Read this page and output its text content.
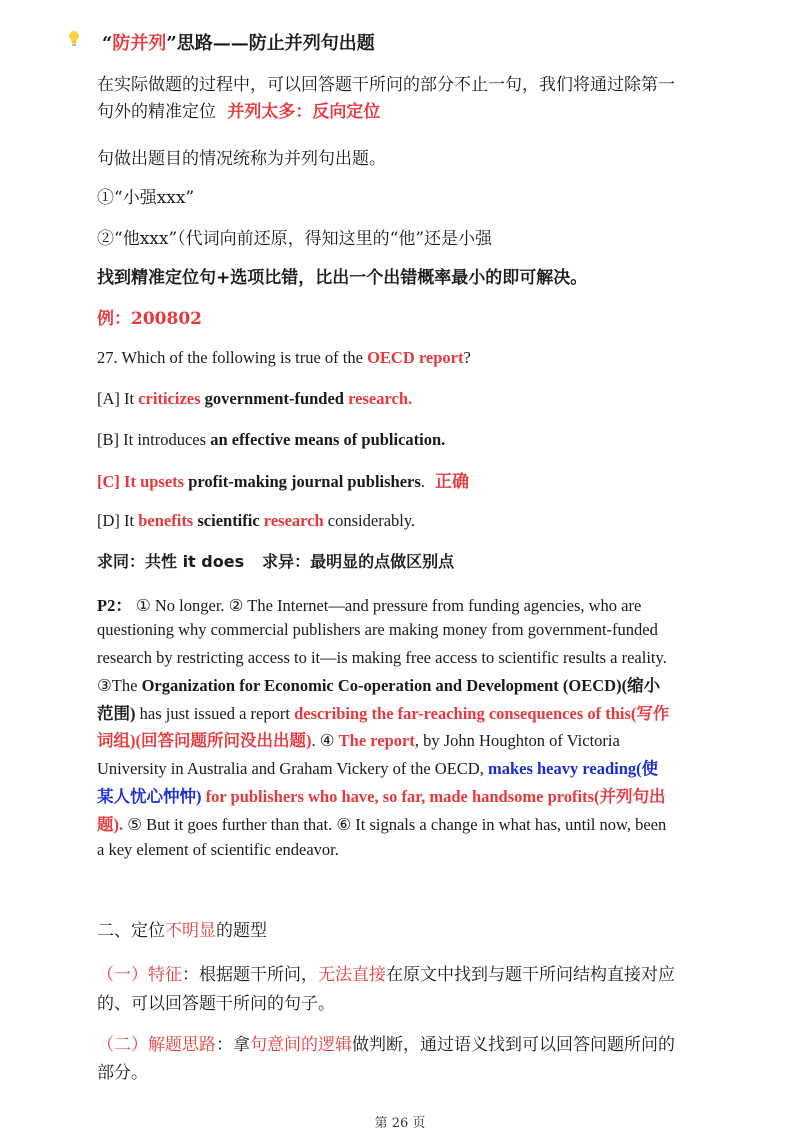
“防并列”思路——防止并列句出题
在实际做题的过程中，可以回答题干所问的部分不止一句，我们将通过除第一
句外的精准定位 并列太多：反向定位
句做出题目的情况统称为并列句出题。
①“小强xxx”
②“他xxx”（代词向前还原，得知这里的“他”还是小强
找到精准定位句+选项比错，比出一个出错概率最小的即可解决。
例：200802
27. Which of the following is true of the OECD report?
[A] It criticizes government-funded research.
[B] It introduces an effective means of publication.
[C] It upsets profit-making journal publishers. 正确
[D] It benefits scientific research considerably.
求同：共性 it does 求异：最明显的点做区别点
P2： ① No longer. ② The Internet—and pressure from funding agencies, who are
questioning why commercial publishers are making money from government-funded
research by restricting access to it—is making free access to scientific results a reality.
③The Organization for Economic Co-operation and Development (OECD)(缩小
范围) has just issued a report describing the far-reaching consequences of this(写作
词组)(回答问题所问没出出题). ④ The report, by John Houghton of Victoria
University in Australia and Graham Vickery of the OECD, makes heavy reading(使
某人忧心忡忡) for publishers who have, so far, made handsome profits(并列句出
题). ⑤ But it goes further than that. ⑥ It signals a change in what has, until now, been
a key element of scientific endeavor.
二、定位不明显的题型
（一）特征：根据题干所问，无法直接在原文中找到与题干所问结构直接对应
的、可以回答题干所问的句子。
（二）解题思路：拿句意间的逻辑做判断，通过语义找到可以回答问题所问的
部分。
第 26 页
